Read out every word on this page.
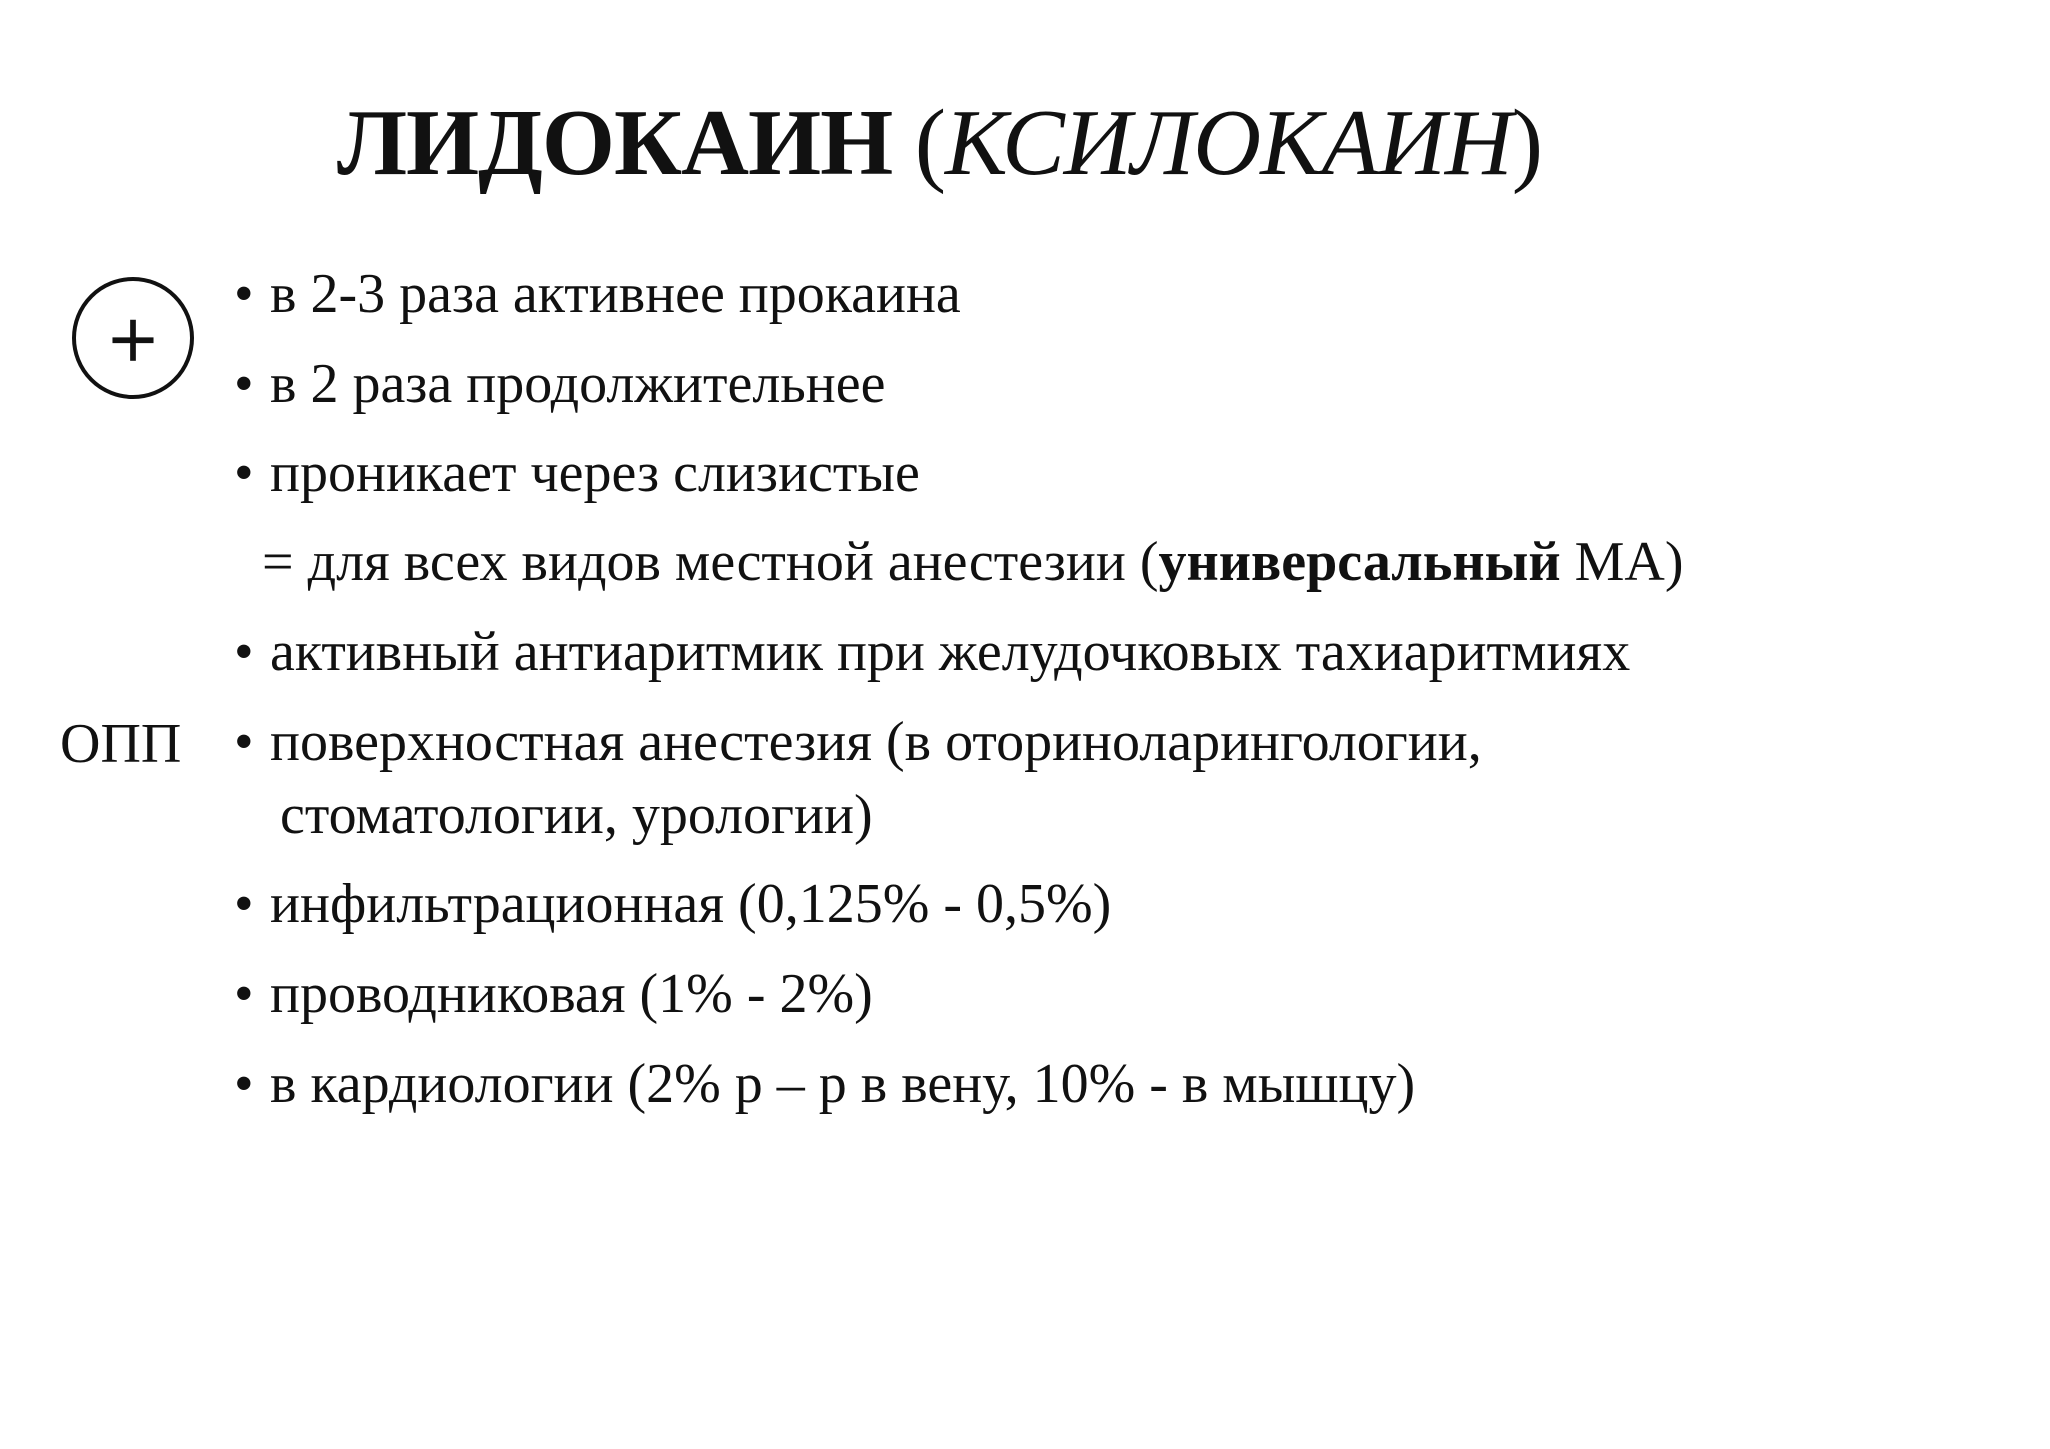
ЛИДОКАИН (КСИЛОКАИН)
ОПП
• в 2-3 раза активнее прокаина
• в 2 раза продолжительнее
• проникает через слизистые
= для всех видов местной анестезии (универсальный МА)
• активный антиаритмик при желудочковых тахиаритмиях
• поверхностная анестезия (в оториноларингологии,
стоматологии, урологии)
• инфильтрационная (0,125% - 0,5%)
• проводниковая (1% - 2%)
• в кардиологии (2% р – р в вену, 10% - в мышцу)
